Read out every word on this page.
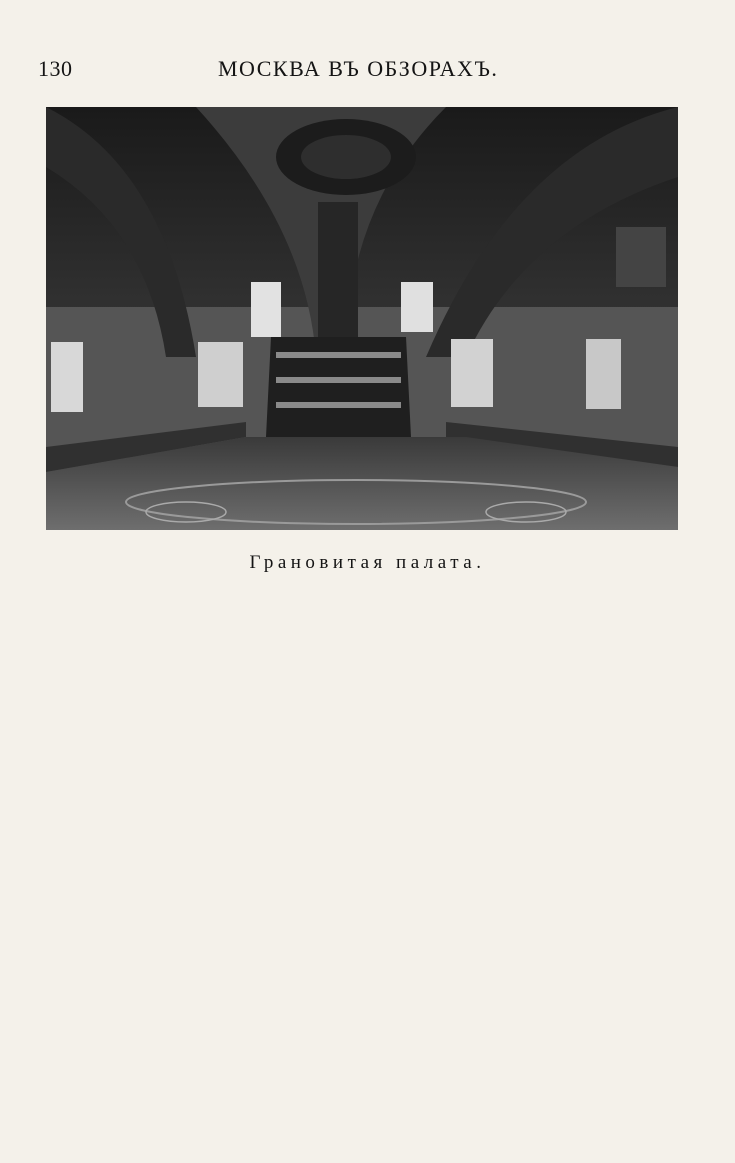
130	МОСКВА ВЪ ОБЗОРАХЪ.
Грановитая палата.
